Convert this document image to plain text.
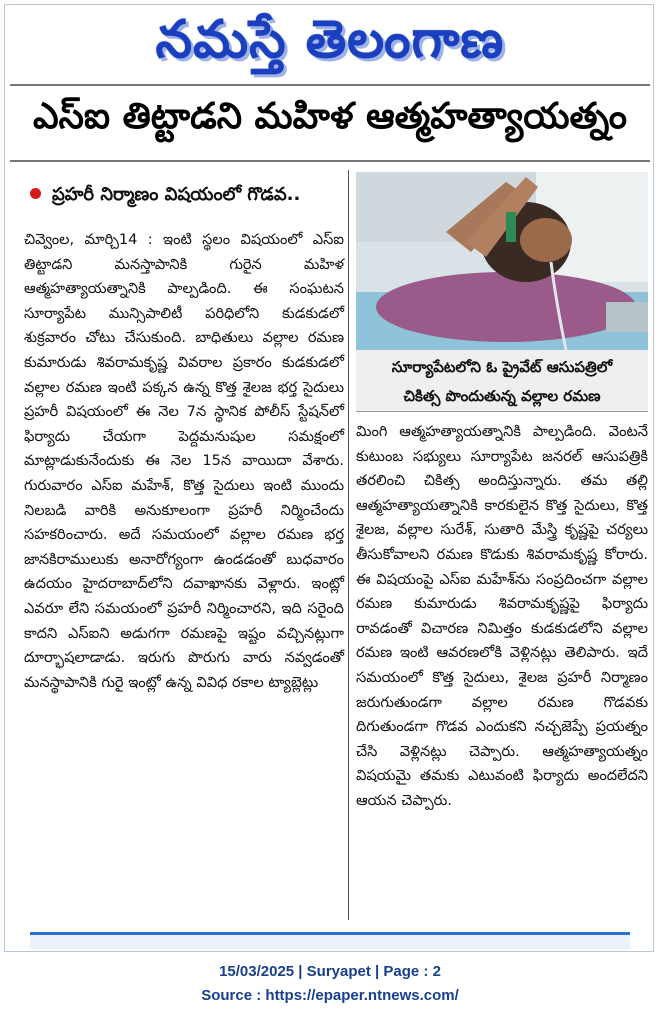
నమస్తే తెలంగాణ
ఎస్ఐ తిట్టాడని మహిళ ఆత్మహత్యాయత్నం
ప్రహరీ నిర్మాణం విషయంలో గొడవ..

చివ్వెంల, మార్చి14 : ఇంటి స్థలం విషయంలో ఎస్ఐ తిట్టాడని మనస్తాపానికి గురైన మహిళ ఆత్మహత్యాయత్నానికి పాల్పడింది. ఈ సంఘటన సూర్యాపేట మున్సిపాలిటీ పరిధిలోని కుడకుడలో శుక్రవారం చోటు చేసుకుంది. బాధితులు వల్లాల రమణ కుమారుడు శివరామకృష్ణ వివరాల ప్రకారం కుడకుడలో వల్లాల రమణ ఇంటి పక్కన ఉన్న కొత్త శైలజ భర్త సైదులు ప్రహరీ విషయంలో ఈ నెల 7న స్థానిక పోలీస్ స్టేషన్‌లో ఫిర్యాదు చేయగా పెద్దమనుషుల సమక్షంలో మాట్లాడుకునేందుకు ఈ నెల 15న వాయిదా వేశారు. గురువారం ఎస్ఐ మహేశ్, కొత్త సైదులు ఇంటి ముందు నిలబడి వారికి అనుకూలంగా ప్రహరీ నిర్మించేందు సహకరించారు. అదే సమయంలో వల్లాల రమణ భర్త జానకిరాములుకు అనారోగ్యంగా ఉండడంతో బుధవారం ఉదయం హైదరాబాద్‌లోని దవాఖానకు వెళ్లారు. ఇంట్లో ఎవరూ లేని సమయంలో ప్రహరీ నిర్మించారని, ఇది సరైంది కాదని ఎస్ఐని అడుగగా రమణపై ఇష్టం వచ్చినట్లుగా దూర్భాషలాడాడు. ఇరుగు పొరుగు వారు నవ్వడంతో మనస్థాపానికి గురై ఇంట్లో ఉన్న వివిధ రకాల ట్యాబ్లెట్లు

సూర్యాపేటలోని ఓ ప్రైవేట్ ఆసుపత్రిలో
చికిత్స పొందుతున్న వల్లాల రమణ

మింగి ఆత్మహత్యాయత్నానికి పాల్పడింది. వెంటనే కుటుంబ సభ్యులు సూర్యాపేట జనరల్ ఆసుపత్రికి తరలించి చికిత్స అందిస్తున్నారు. తమ తల్లి ఆత్మహత్యాయత్నానికి కారకులైన కొత్త సైదులు, కొత్త శైలజ, వల్లాల సురేశ్, సుతారి మేస్త్రి కృష్ణపై చర్యలు తీసుకోవాలని రమణ కొడుకు శివరామకృష్ణ కోరారు. ఈ విషయంపై ఎస్ఐ మహేశ్‌ను సంప్రదించగా వల్లాల రమణ కుమారుడు శివరామకృష్ణపై ఫిర్యాదు రావడంతో విచారణ నిమిత్తం కుడకుడలోని వల్లాల రమణ ఇంటి ఆవరణలోకి వెళ్లినట్లు తెలిపారు. ఇదే సమయంలో కొత్త సైదులు, శైలజ ప్రహరీ నిర్మాణం జరుగుతుండగా వల్లాల రమణ గొడవకు దిగుతుండగా గొడవ ఎందుకని నచ్చజెప్పే ప్రయత్నం చేసి వెళ్లినట్లు చెప్పారు. ఆత్మహత్యాయత్నం విషయమై తమకు ఎటువంటి ఫిర్యాదు అందలేదని ఆయన చెప్పారు.

15/03/2025 | Suryapet | Page : 2
Source : https://epaper.ntnews.com/
